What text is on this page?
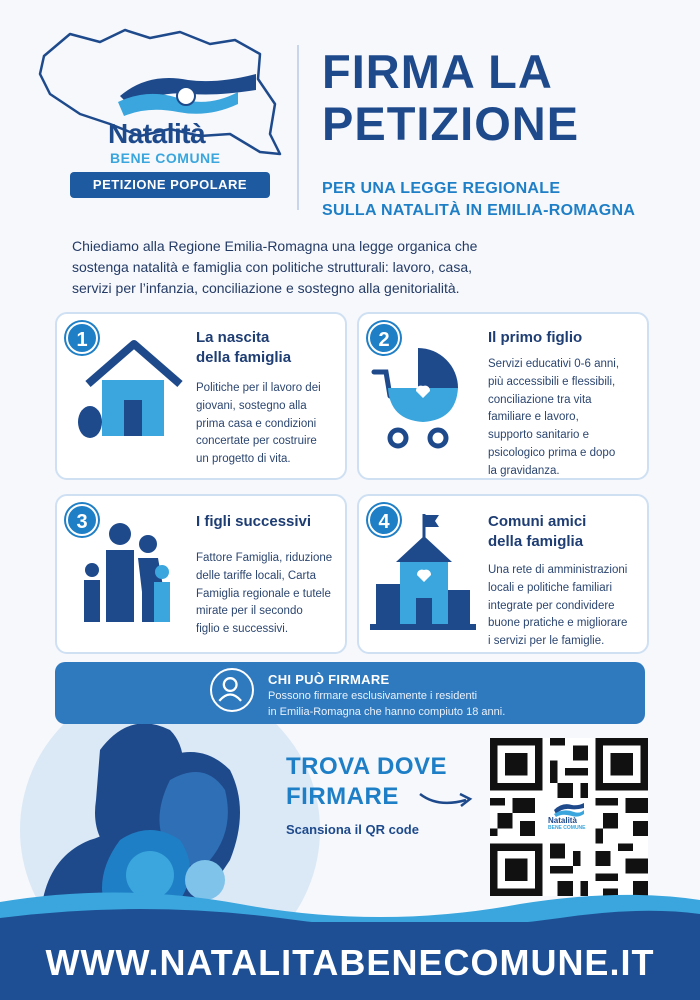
Natalità
BENE COMUNE
PETIZIONE POPOLARE
FIRMA LA
PETIZIONE
PER UNA LEGGE REGIONALE
SULLA NATALITÀ IN EMILIA-ROMAGNA
Chiediamo alla Regione Emilia-Romagna una legge organica che
sostenga natalità e famiglia con politiche strutturali: lavoro, casa,
servizi per l’infanzia, conciliazione e sostegno alla genitorialità.
1	La nascita
della famiglia
Politiche per il lavoro dei
giovani, sostegno alla
prima casa e condizioni
concertate per costruire
un progetto di vita.
2	Il primo figlio
Servizi educativi 0-6 anni,
più accessibili e flessibili,
conciliazione tra vita
familiare e lavoro,
supporto sanitario e
psicologico prima e dopo
la gravidanza.
3	I figli successivi
Fattore Famiglia, riduzione
delle tariffe locali, Carta
Famiglia regionale e tutele
mirate per il secondo
figlio e successivi.
4	Comuni amici
della famiglia
Una rete di amministrazioni
locali e politiche familiari
integrate per condividere
buone pratiche e migliorare
i servizi per le famiglie.
CHI PUÒ FIRMARE
Possono firmare esclusivamente i residenti
in Emilia-Romagna che hanno compiuto 18 anni.
TROVA DOVE
FIRMARE
Scansiona il QR code
Natalità
BENE COMUNE
WWW.NATALITABENECOMUNE.IT
